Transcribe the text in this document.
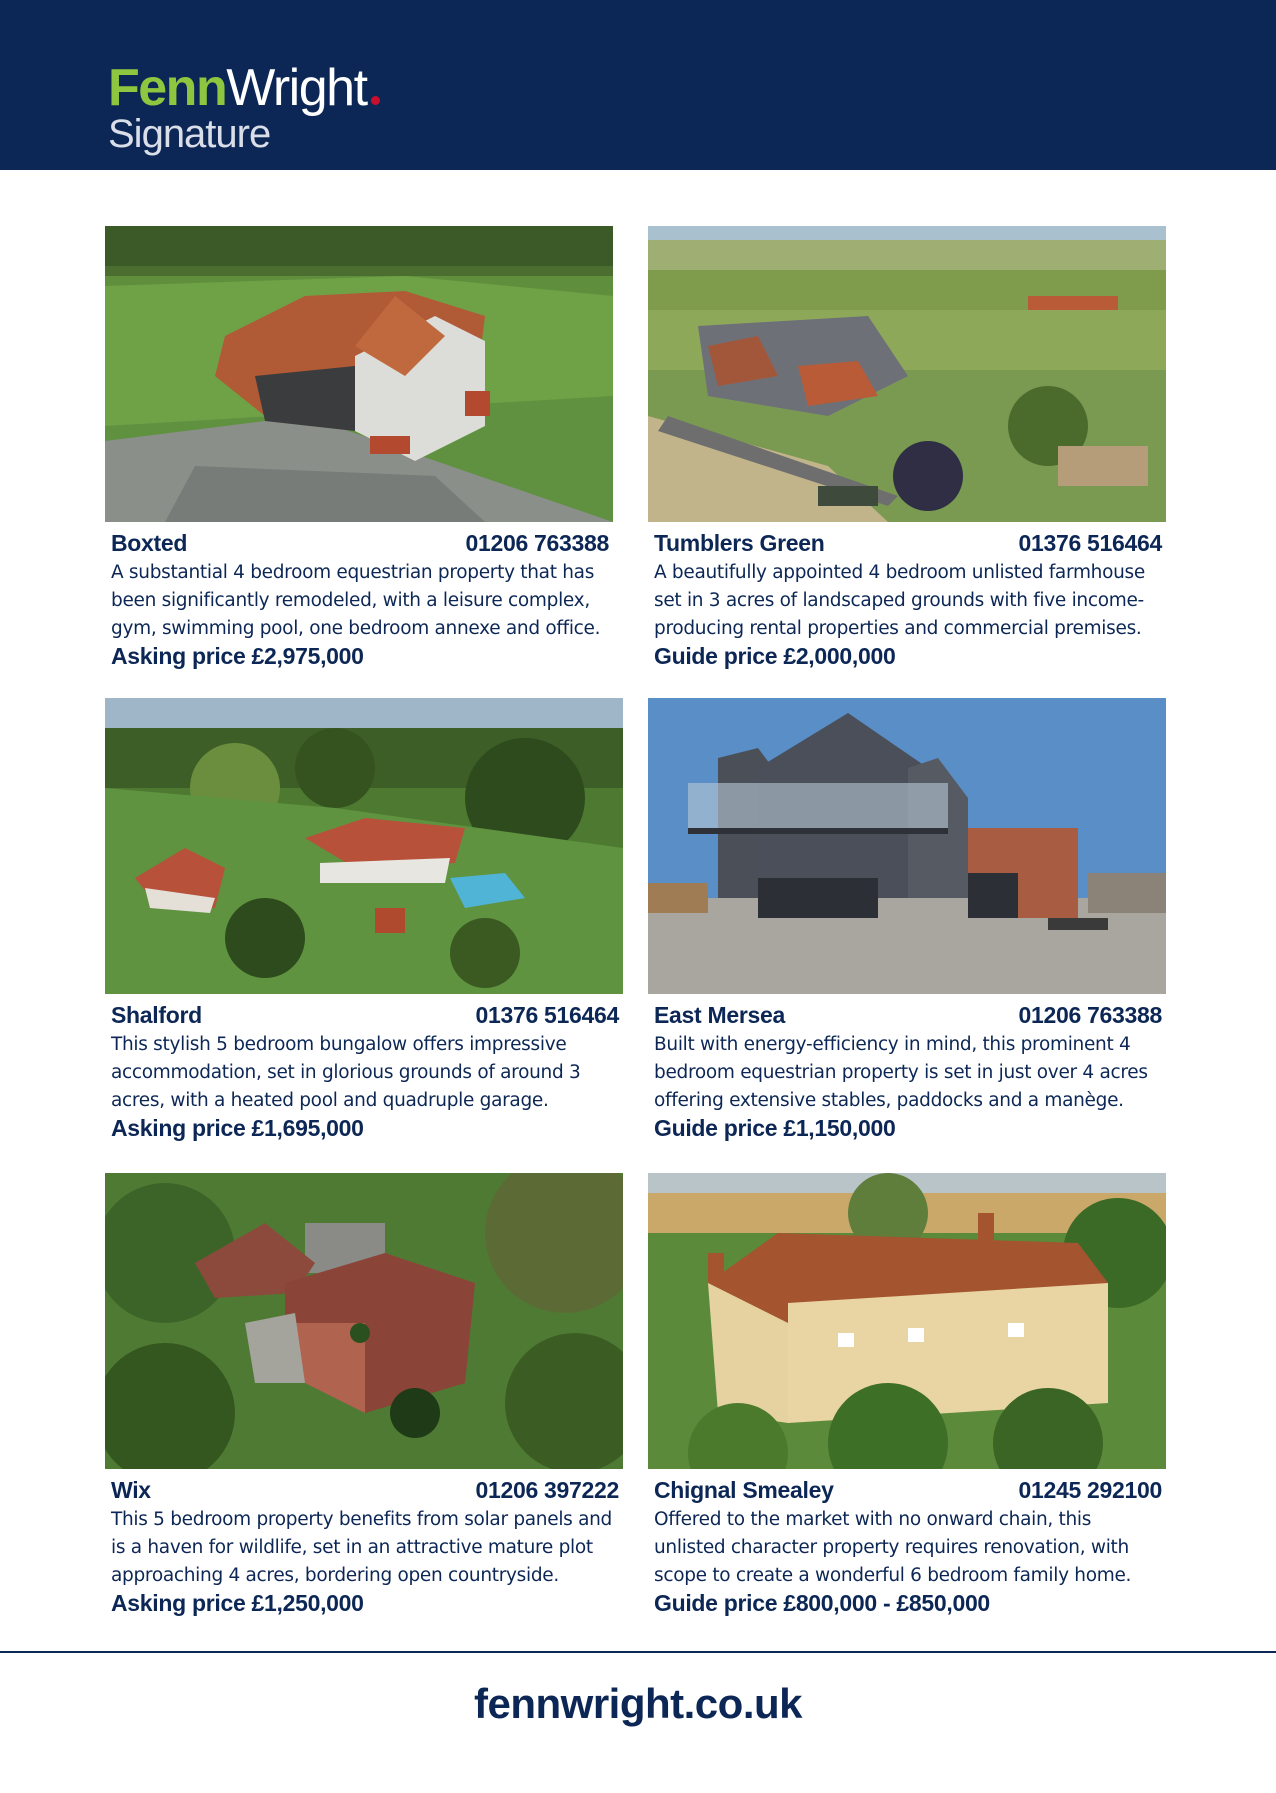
Fenn Wright
Signature
Boxted	01206 763388
A substantial 4 bedroom equestrian property that has been significantly remodeled, with a leisure complex, gym, swimming pool, one bedroom annexe and office.
Asking price £2,975,000
Tumblers Green	01376 516464
A beautifully appointed 4 bedroom unlisted farmhouse set in 3 acres of landscaped grounds with five income-producing rental properties and commercial premises.
Guide price £2,000,000
Shalford	01376 516464
This stylish 5 bedroom bungalow offers impressive accommodation, set in glorious grounds of around 3 acres, with a heated pool and quadruple garage.
Asking price £1,695,000
East Mersea	01206 763388
Built with energy-efficiency in mind, this prominent 4 bedroom equestrian property is set in just over 4 acres offering extensive stables, paddocks and a manège.
Guide price £1,150,000
Wix	01206 397222
This 5 bedroom property benefits from solar panels and is a haven for wildlife, set in an attractive mature plot approaching 4 acres, bordering open countryside.
Asking price £1,250,000
Chignal Smealey	01245 292100
Offered to the market with no onward chain, this unlisted character property requires renovation, with scope to create a wonderful 6 bedroom family home.
Guide price £800,000 - £850,000
fennwright.co.uk
